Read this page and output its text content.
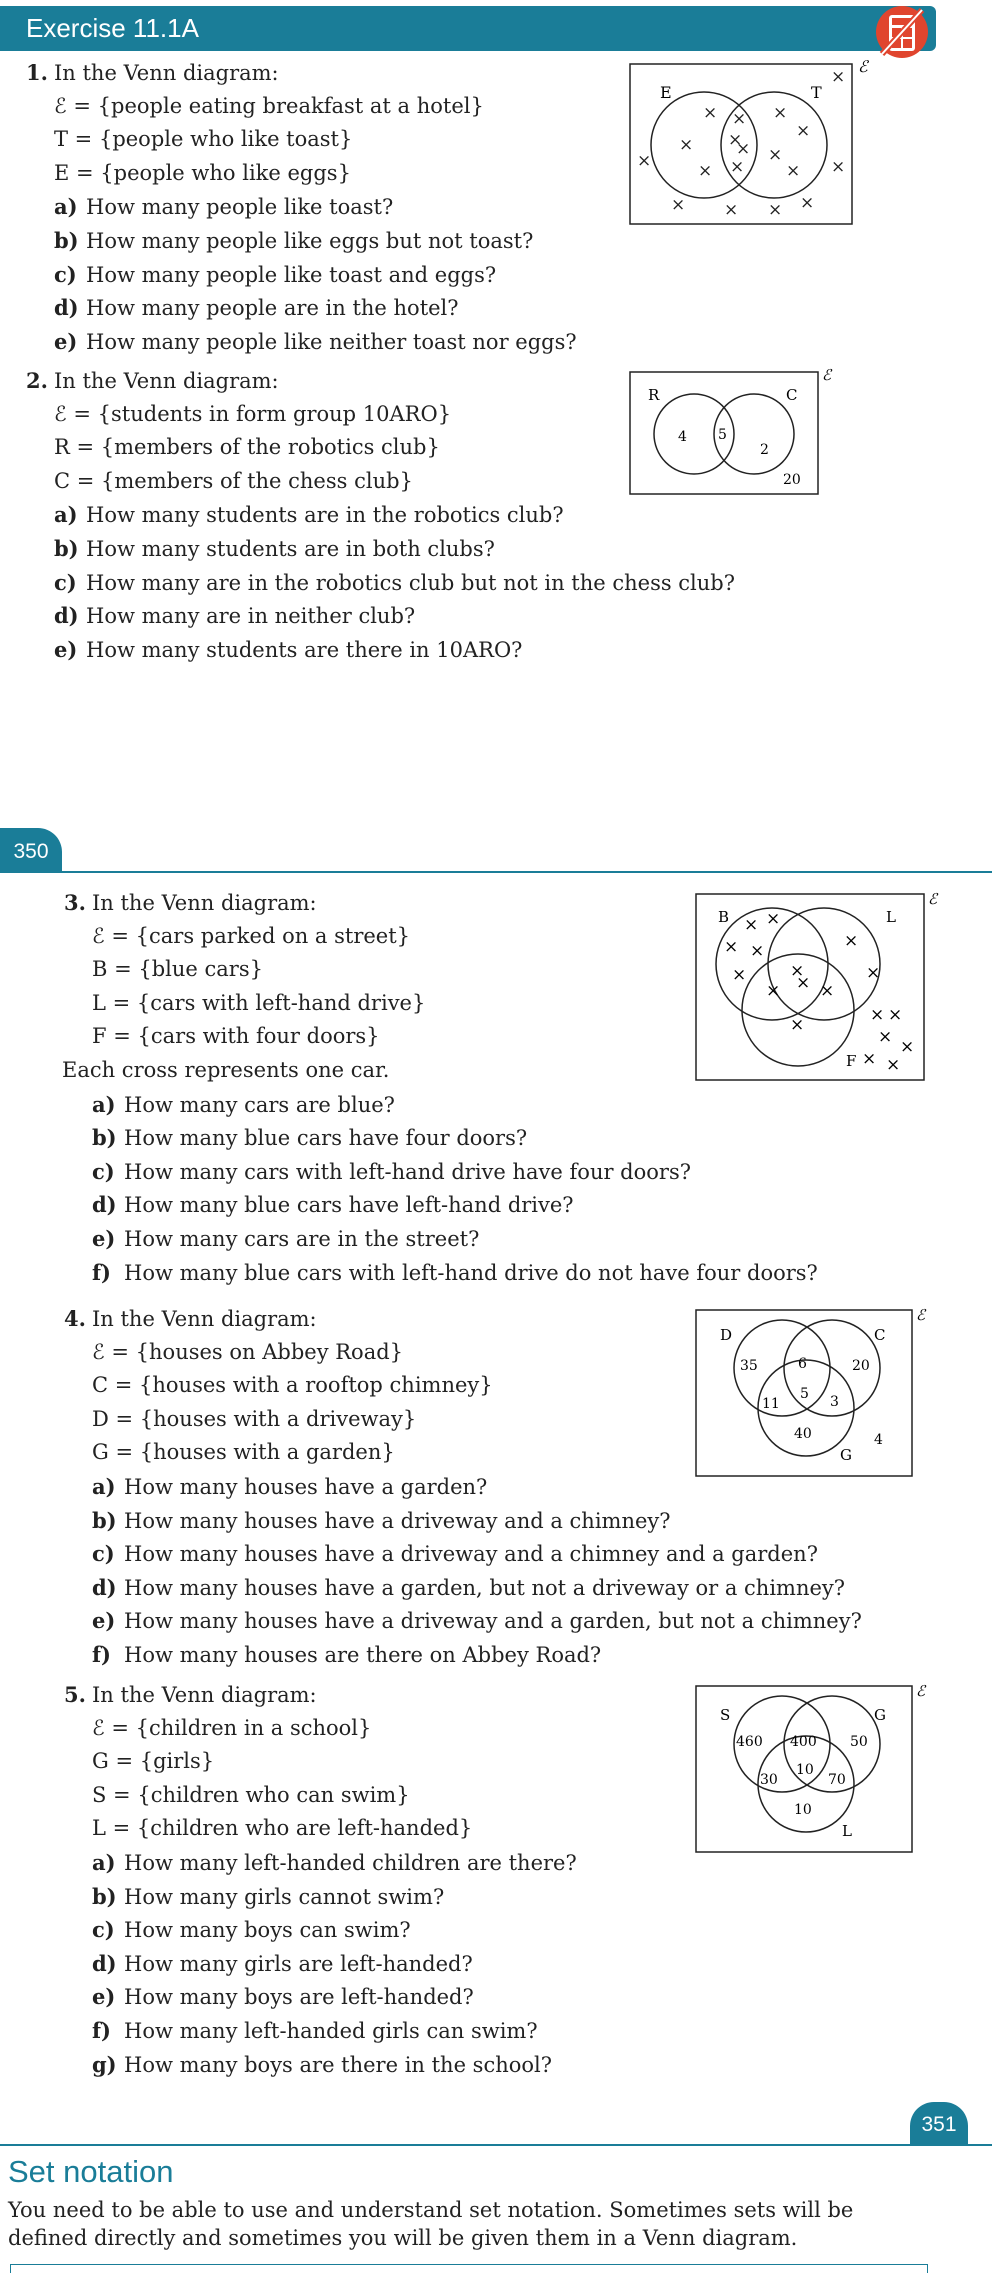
Exercise 11.1A
1. In the Venn diagram:
ℰ = {people eating breakfast at a hotel}
T = {people who like toast}
E = {people who like eggs}
a) How many people like toast?
b) How many people like eggs but not toast?
c) How many people like toast and eggs?
d) How many people are in the hotel?
e) How many people like neither toast nor eggs?
ℰ
E	T
×
×
×
×
×
×
×
×
×
×
×
×
×	×
× × × ×
2. In the Venn diagram:
ℰ = {students in form group 10ARO}
R = {members of the robotics club}
C = {members of the chess club}
a) How many students are in the robotics club?
b) How many students are in both clubs?
c) How many are in the robotics club but not in the chess club?
d) How many are in neither club?
e) How many students are there in 10ARO?
ℰ
R	C
4 5
2
20
350
3. In the Venn diagram:
ℰ = {cars parked on a street}
B = {blue cars}
L = {cars with left-hand drive}
F = {cars with four doors}
Each cross represents one car.
a) How many cars are blue?
b) How many blue cars have four doors?
c) How many cars with left-hand drive have four doors?
d) How many blue cars have left-hand drive?
e) How many cars are in the street?
f) How many blue cars with left-hand drive do not have four doors?
ℰ
B	L
F
× ×
× ×
×
×
×
×
×
× ×
×	× ×
× ×
× ×
4. In the Venn diagram:
ℰ = {houses on Abbey Road}
C = {houses with a rooftop chimney}
D = {houses with a driveway}
G = {houses with a garden}
a) How many houses have a garden?
b) How many houses have a driveway and a chimney?
c) How many houses have a driveway and a chimney and a garden?
d) How many houses have a garden, but not a driveway or a chimney?
e) How many houses have a driveway and a garden, but not a chimney?
f) How many houses are there on Abbey Road?
ℰ
D	C
G
35	6	20
11
5 3
40	4
5. In the Venn diagram:
ℰ = {children in a school}
G = {girls}
S = {children who can swim}
L = {children who are left-handed}
a) How many left-handed children are there?
b) How many girls cannot swim?
c) How many boys can swim?
d) How many girls are left-handed?
e) How many boys are left-handed?
f) How many left-handed girls can swim?
g) How many boys are there in the school?
ℰ
S	G
L
460 400 50
30
10
70
10
351
Set notation
You need to be able to use and understand set notation. Sometimes sets will be defined directly and sometimes you will be given them in a Venn diagram.
